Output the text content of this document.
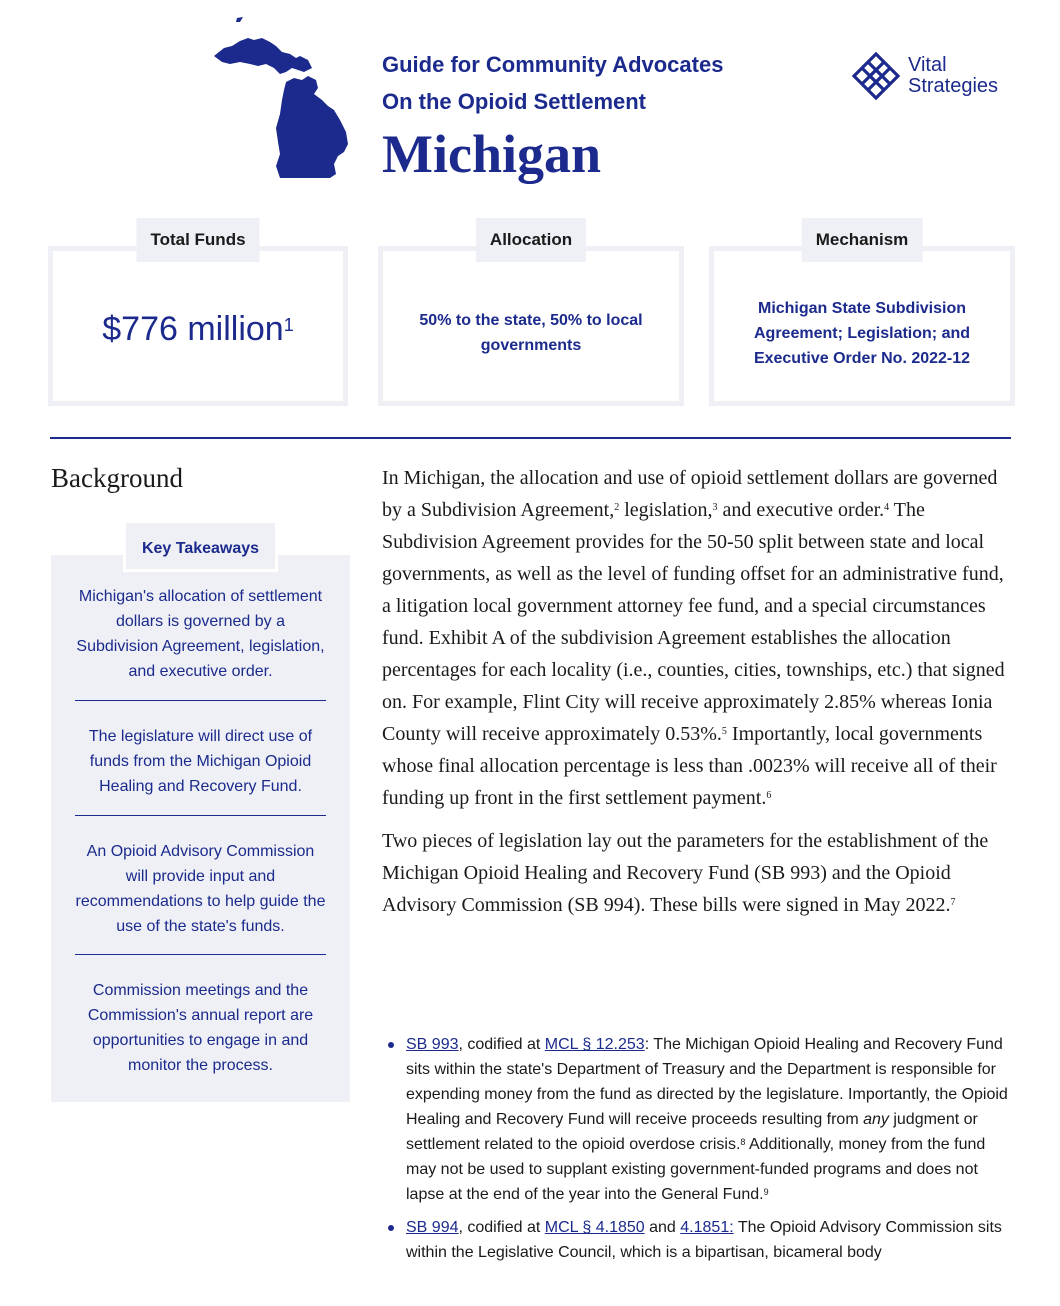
Guide for Community Advocates
On the Opioid Settlement
Michigan
Vital
Strategies
Total Funds
$776 million$^1$
Allocation
50% to the state, 50% to local governments
Mechanism
Michigan State Subdivision Agreement; Legislation; and Executive Order No. 2022-12
Background
Key Takeaways
Michigan's allocation of settlement dollars is governed by a Subdivision Agreement, legislation, and executive order.
The legislature will direct use of funds from the Michigan Opioid Healing and Recovery Fund.
An Opioid Advisory Commission will provide input and recommendations to help guide the use of the state's funds.
Commission meetings and the Commission's annual report are opportunities to engage in and monitor the process.

In Michigan, the allocation and use of opioid settlement dollars are governed by a Subdivision Agreement,$^2$ legislation,$^3$ and executive order.$^4$ The Subdivision Agreement provides for the 50-50 split between state and local governments, as well as the level of funding offset for an administrative fund, a litigation local government attorney fee fund, and a special circumstances fund. Exhibit A of the subdivision Agreement establishes the allocation percentages for each locality (i.e., counties, cities, townships, etc.) that signed on. For example, Flint City will receive approximately 2.85% whereas Ionia County will receive approximately 0.53%.$^5$ Importantly, local governments whose final allocation percentage is less than .0023% will receive all of their funding up front in the first settlement payment.$^6$

Two pieces of legislation lay out the parameters for the establishment of the Michigan Opioid Healing and Recovery Fund (SB 993) and the Opioid Advisory Commission (SB 994). These bills were signed in May 2022.$^7$

SB 993, codified at MCL § 12.253: The Michigan Opioid Healing and Recovery Fund sits within the state's Department of Treasury and the Department is responsible for expending money from the fund as directed by the legislature. Importantly, the Opioid Healing and Recovery Fund will receive proceeds resulting from any judgment or settlement related to the opioid overdose crisis.$^8$ Additionally, money from the fund may not be used to supplant existing government-funded programs and does not lapse at the end of the year into the General Fund.$^9$
SB 994, codified at MCL § 4.1850 and 4.1851: The Opioid Advisory Commission sits within the Legislative Council, which is a bipartisan, bicameral body
